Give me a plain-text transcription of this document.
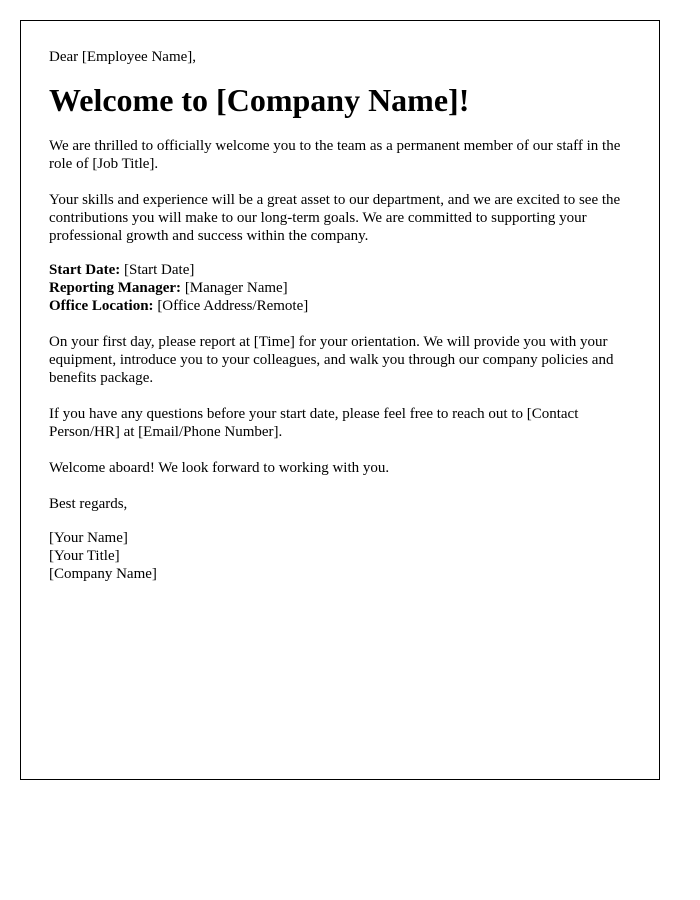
Dear [Employee Name],

Welcome to [Company Name]!

We are thrilled to officially welcome you to the team as a permanent member of our staff in the role of [Job Title].

Your skills and experience will be a great asset to our department, and we are excited to see the contributions you will make to our long-term goals. We are committed to supporting your professional growth and success within the company.

Start Date: [Start Date]
Reporting Manager: [Manager Name]
Office Location: [Office Address/Remote]

On your first day, please report at [Time] for your orientation. We will provide you with your equipment, introduce you to your colleagues, and walk you through our company policies and benefits package.

If you have any questions before your start date, please feel free to reach out to [Contact Person/HR] at [Email/Phone Number].

Welcome aboard! We look forward to working with you.

Best regards,

[Your Name]
[Your Title]
[Company Name]
